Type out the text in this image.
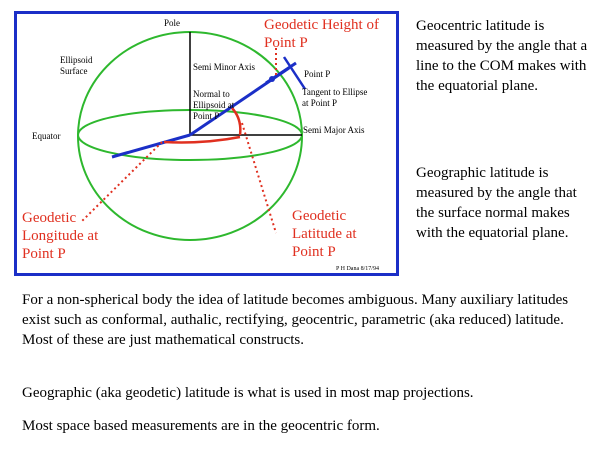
Pole
Ellipsoid
Surface	Semi Minor Axis
Normal to
Ellipsoid at
Point P
Point P
Tangent to Ellipse
at Point P
Semi Major Axis
Equator
P H Dana 8/17/94
Geodetic Height of
Point P
Geodetic
Longitude at
Point P
Geodetic
Latitude at
Point P
Geocentric latitude is measured by the angle that a line to the COM makes with the equatorial plane.
Geographic latitude is measured by the angle that the surface normal makes with the equatorial plane.

For a non-spherical body the idea of latitude becomes ambiguous. Many auxiliary latitudes exist such as conformal, authalic, rectifying, geocentric, parametric (aka reduced) latitude. Most of these are just mathematical constructs.

Geographic (aka geodetic) latitude is what is used in most map projections.

Most space based measurements are in the geocentric form.
